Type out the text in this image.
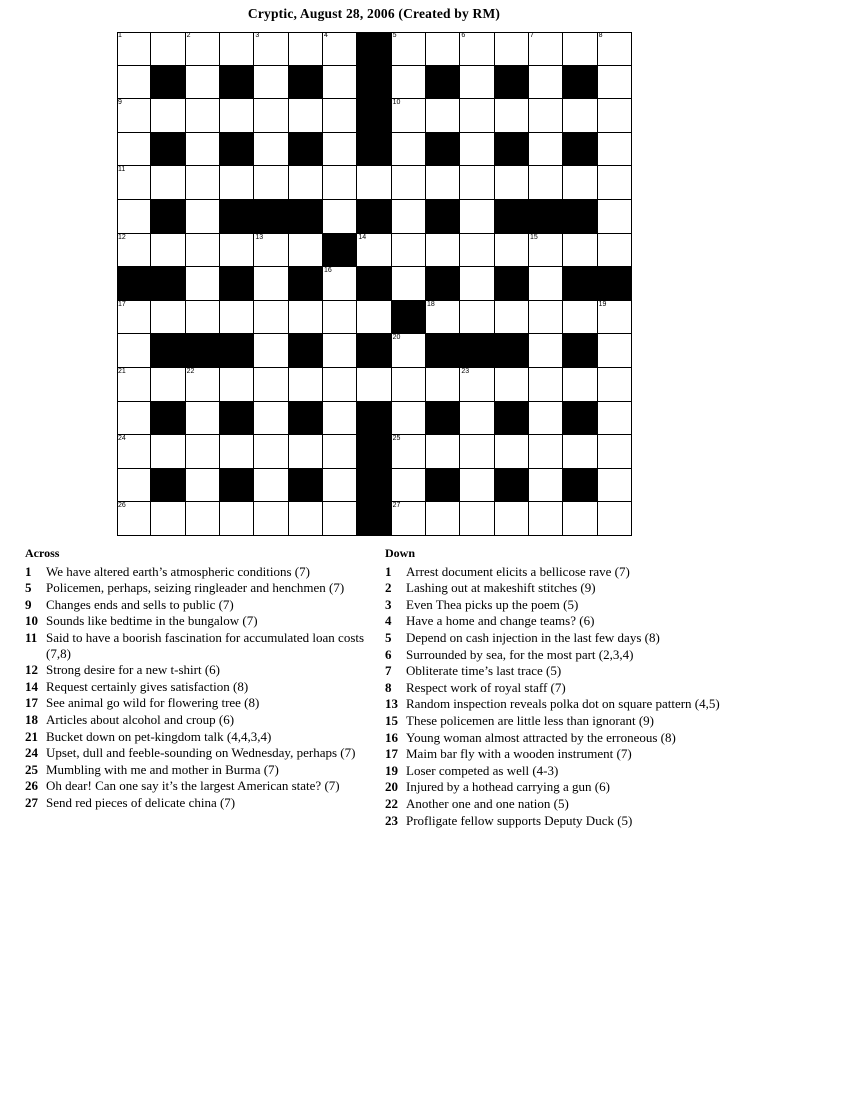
Cryptic, August 28, 2006 (Created by RM)
1	2	3	4	5	6	7	8
9	10
11
12	13	14	15
16
17	18	19
20
21	22	23
24	25
26	27
Across
1 We have altered earth’s atmospheric conditions (7)
5 Policemen, perhaps, seizing ringleader and henchmen (7)
9 Changes ends and sells to public (7)
10 Sounds like bedtime in the bungalow (7)
11 Said to have a boorish fascination for accumulated loan costs (7,8)
12 Strong desire for a new t-shirt (6)
14 Request certainly gives satisfaction (8)
17 See animal go wild for flowering tree (8)
18 Articles about alcohol and croup (6)
21 Bucket down on pet-kingdom talk (4,4,3,4)
24 Upset, dull and feeble-sounding on Wednesday, perhaps (7)
25 Mumbling with me and mother in Burma (7)
26 Oh dear! Can one say it’s the largest American state? (7)
27 Send red pieces of delicate china (7)
Down
1 Arrest document elicits a bellicose rave (7)
2 Lashing out at makeshift stitches (9)
3 Even Thea picks up the poem (5)
4 Have a home and change teams? (6)
5 Depend on cash injection in the last few days (8)
6 Surrounded by sea, for the most part (2,3,4)
7 Obliterate time’s last trace (5)
8 Respect work of royal staff (7)
13 Random inspection reveals polka dot on square pattern (4,5)
15 These policemen are little less than ignorant (9)
16 Young woman almost attracted by the erroneous (8)
17 Maim bar fly with a wooden instrument (7)
19 Loser competed as well (4-3)
20 Injured by a hothead carrying a gun (6)
22 Another one and one nation (5)
23 Profligate fellow supports Deputy Duck (5)
